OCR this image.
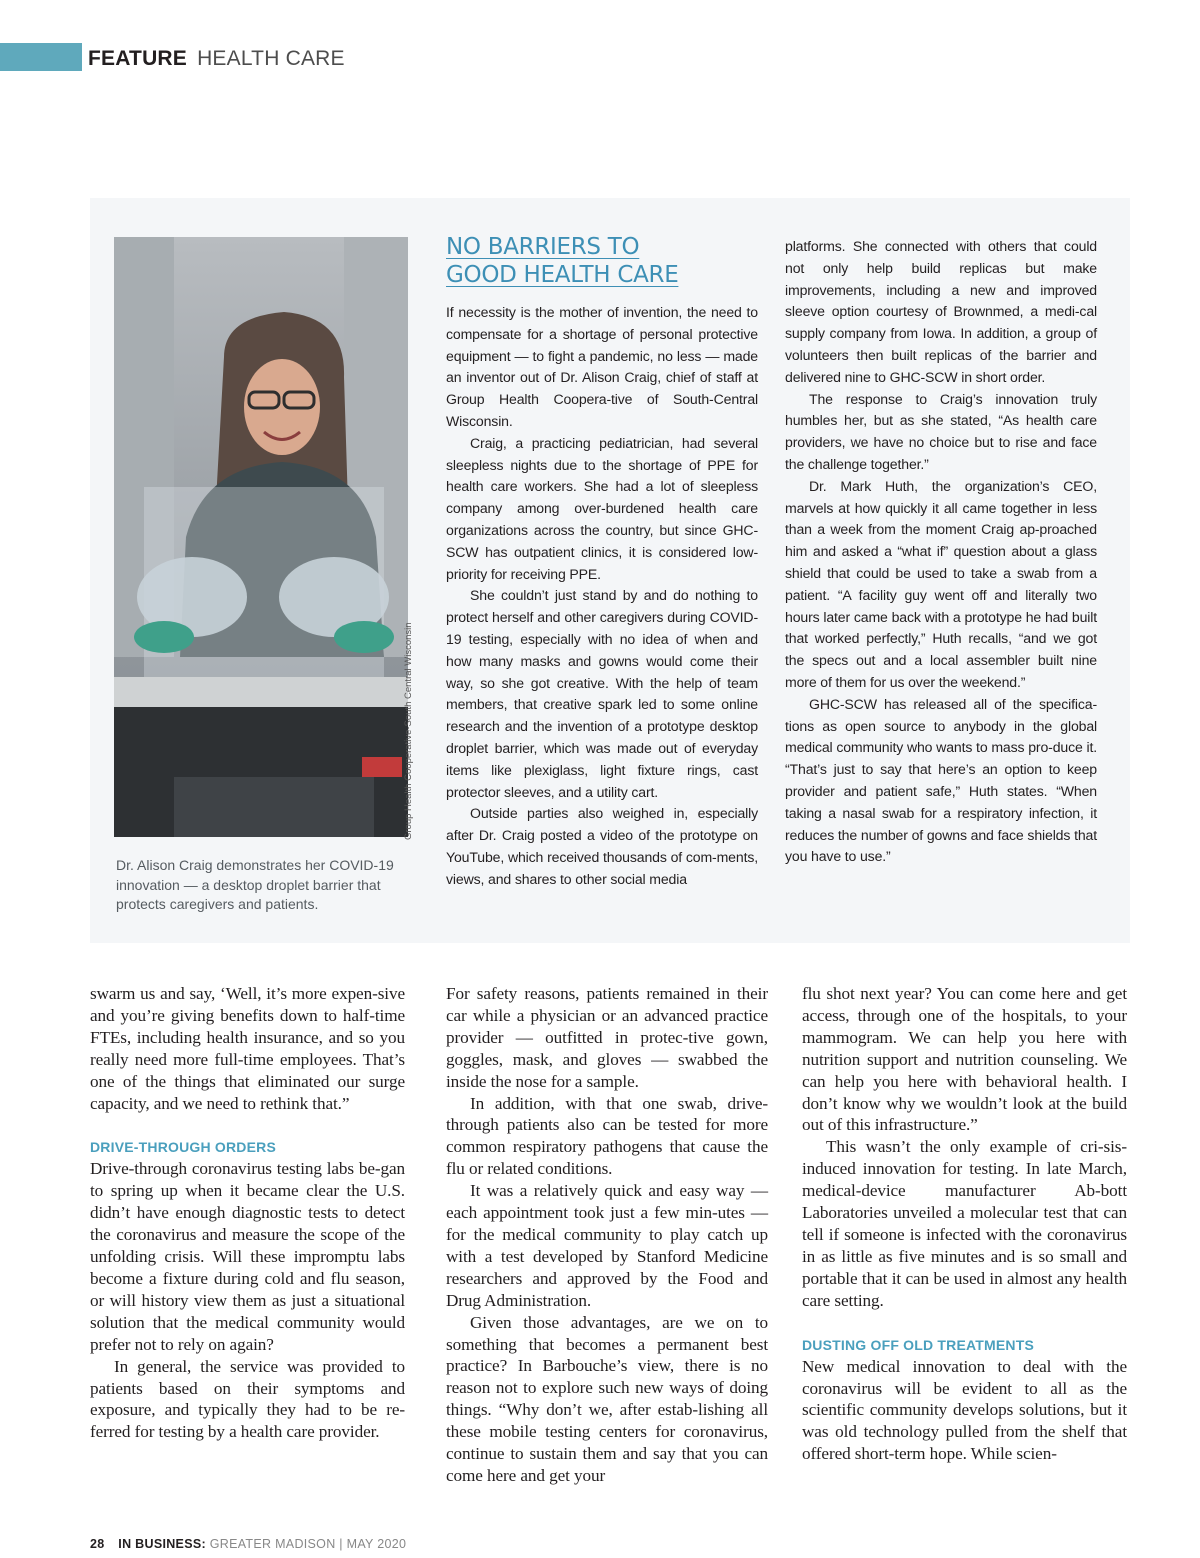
FEATURE HEALTH CARE
Group Health Cooperative-South Central Wisconsin
Dr. Alison Craig demonstrates her COVID-19 innovation — a desktop droplet barrier that protects caregivers and patients.
NO BARRIERS TO
GOOD HEALTH CARE

If necessity is the mother of invention, the need to compensate for a shortage of personal protective equipment — to fight a pandemic, no less — made an inventor out of Dr. Alison Craig, chief of staff at Group Health Coopera-tive of South-Central Wisconsin.

Craig, a practicing pediatrician, had several sleepless nights due to the shortage of PPE for health care workers. She had a lot of sleepless company among over-burdened health care organizations across the country, but since GHC-SCW has outpatient clinics, it is considered low-priority for receiving PPE.

She couldn’t just stand by and do nothing to protect herself and other caregivers during COVID-19 testing, especially with no idea of when and how many masks and gowns would come their way, so she got creative. With the help of team members, that creative spark led to some online research and the invention of a prototype desktop droplet barrier, which was made out of everyday items like plexiglass, light fixture rings, cast protector sleeves, and a utility cart.

Outside parties also weighed in, especially after Dr. Craig posted a video of the prototype on YouTube, which received thousands of com-ments, views, and shares to other social media

platforms. She connected with others that could not only help build replicas but make improvements, including a new and improved sleeve option courtesy of Brownmed, a medi-cal supply company from Iowa. In addition, a group of volunteers then built replicas of the barrier and delivered nine to GHC-SCW in short order.

The response to Craig’s innovation truly humbles her, but as she stated, “As health care providers, we have no choice but to rise and face the challenge together.”

Dr. Mark Huth, the organization’s CEO, marvels at how quickly it all came together in less than a week from the moment Craig ap-proached him and asked a “what if” question about a glass shield that could be used to take a swab from a patient. “A facility guy went off and literally two hours later came back with a prototype he had built that worked perfectly,” Huth recalls, “and we got the specs out and a local assembler built nine more of them for us over the weekend.”

GHC-SCW has released all of the specifica-tions as open source to anybody in the global medical community who wants to mass pro-duce it. “That’s just to say that here’s an option to keep provider and patient safe,” Huth states. “When taking a nasal swab for a respiratory infection, it reduces the number of gowns and face shields that you have to use.”

swarm us and say, ‘Well, it’s more expen-sive and you’re giving benefits down to half-time FTEs, including health insurance, and so you really need more full-time employees. That’s one of the things that eliminated our surge capacity, and we need to rethink that.”

DRIVE-THROUGH ORDERS

Drive-through coronavirus testing labs be-gan to spring up when it became clear the U.S. didn’t have enough diagnostic tests to detect the coronavirus and measure the scope of the unfolding crisis. Will these impromptu labs become a fixture during cold and flu season, or will history view them as just a situational solution that the medical community would prefer not to rely on again?

In general, the service was provided to patients based on their symptoms and exposure, and typically they had to be re-ferred for testing by a health care provider.

For safety reasons, patients remained in their car while a physician or an advanced practice provider — outfitted in protec-tive gown, goggles, mask, and gloves — swabbed the inside the nose for a sample.

In addition, with that one swab, drive-through patients also can be tested for more common respiratory pathogens that cause the flu or related conditions.

It was a relatively quick and easy way — each appointment took just a few min-utes — for the medical community to play catch up with a test developed by Stanford Medicine researchers and approved by the Food and Drug Administration.

Given those advantages, are we on to something that becomes a permanent best practice? In Barbouche’s view, there is no reason not to explore such new ways of doing things. “Why don’t we, after estab-lishing all these mobile testing centers for coronavirus, continue to sustain them and say that you can come here and get your

flu shot next year? You can come here and get access, through one of the hospitals, to your mammogram. We can help you here with nutrition support and nutrition counseling. We can help you here with behavioral health. I don’t know why we wouldn’t look at the build out of this infrastructure.”

This wasn’t the only example of cri-sis-induced innovation for testing. In late March, medical-device manufacturer Ab-bott Laboratories unveiled a molecular test that can tell if someone is infected with the coronavirus in as little as five minutes and is so small and portable that it can be used in almost any health care setting.

DUSTING OFF OLD TREATMENTS

New medical innovation to deal with the coronavirus will be evident to all as the scientific community develops solutions, but it was old technology pulled from the shelf that offered short-term hope. While scien-

28 IN BUSINESS: GREATER MADISON | MAY 2020
